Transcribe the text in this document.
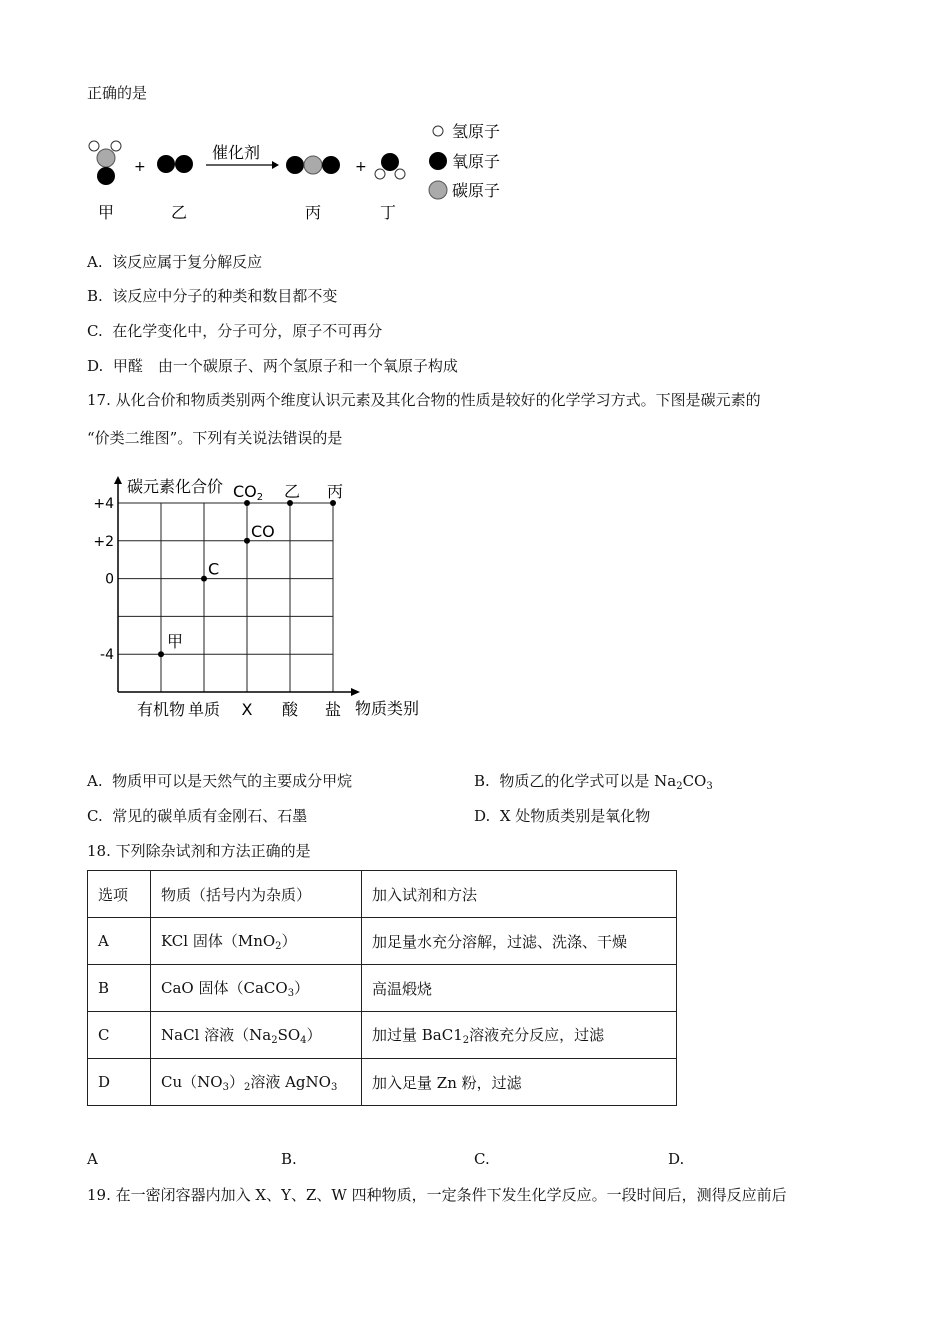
正确的是
+
催化剂
+
甲	乙	丙	丁
氢原子
氧原子
碳原子
A. 该反应属于复分解反应
B. 该反应中分子的种类和数目都不变
C. 在化学变化中，分子可分，原子不可再分
D. 甲醛　由一个碳原子、两个氢原子和一个氧原子构成
17. 从化合价和物质类别两个维度认识元素及其化合物的性质是较好的化学学习方式。下图是碳元素的
“价类二维图”。下列有关说法错误的是
+4
+2
0
-4
有机物 单质 X 酸 盐
CO2 乙 丙
CO
C
甲
碳元素化合价
物质类别
A. 物质甲可以是天然气的主要成分甲烷	B. 物质乙的化学式可以是 $Na_2CO_3$
C. 常见的碳单质有金刚石、石墨	D. X 处物质类别是氧化物
18. 下列除杂试剂和方法正确的是
选项	物质（括号内为杂质）	加入试剂和方法
A	KCl 固体（MnO$_2$）	加足量水充分溶解，过滤、洗涤、干燥
B	CaO 固体（CaCO$_3$）	高温煅烧
C	NaCl 溶液$(Na_2SO_4)$	加过量 $BaC1_2$溶液充分反应，过滤
D	$Cu(NO_3)_2$溶液 AgNO$_3$	加入足量 Zn 粉，过滤
A	B.	C.	D.
19. 在一密闭容器内加入 X、Y、Z、W 四种物质，一定条件下发生化学反应。一段时间后，测得反应前后
